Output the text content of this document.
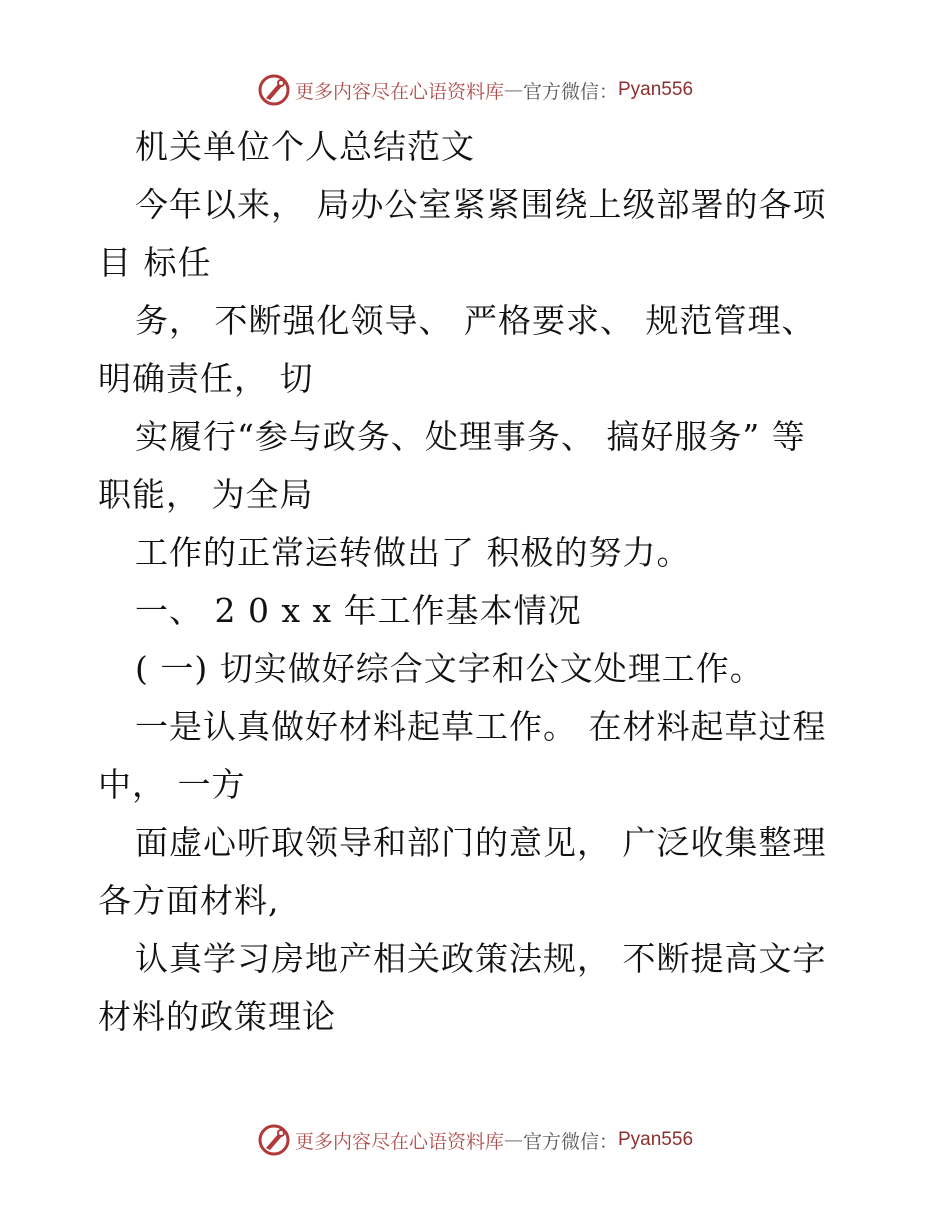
更多内容尽在心语资料库 — 官方微信： Pyan556
机关单位个人总结范文
今年以来， 局办公室紧紧围绕上级部署的各项
目 标任
务， 不断强化领导、 严格要求、 规范管理、
明确责任， 切
实履行“参与政务、处理事务、 搞好服务” 等
职能， 为全局
工作的正常运转做出了 积极的努力。
一、 2 0 x x 年工作基本情况
( 一) 切实做好综合文字和公文处理工作。
一是认真做好材料起草工作。 在材料起草过程
中， 一方
面虚心听取领导和部门的意见， 广泛收集整理
各方面材料,
认真学习房地产相关政策法规， 不断提高文字
材料的政策理论
更多内容尽在心语资料库 — 官方微信： Pyan556
